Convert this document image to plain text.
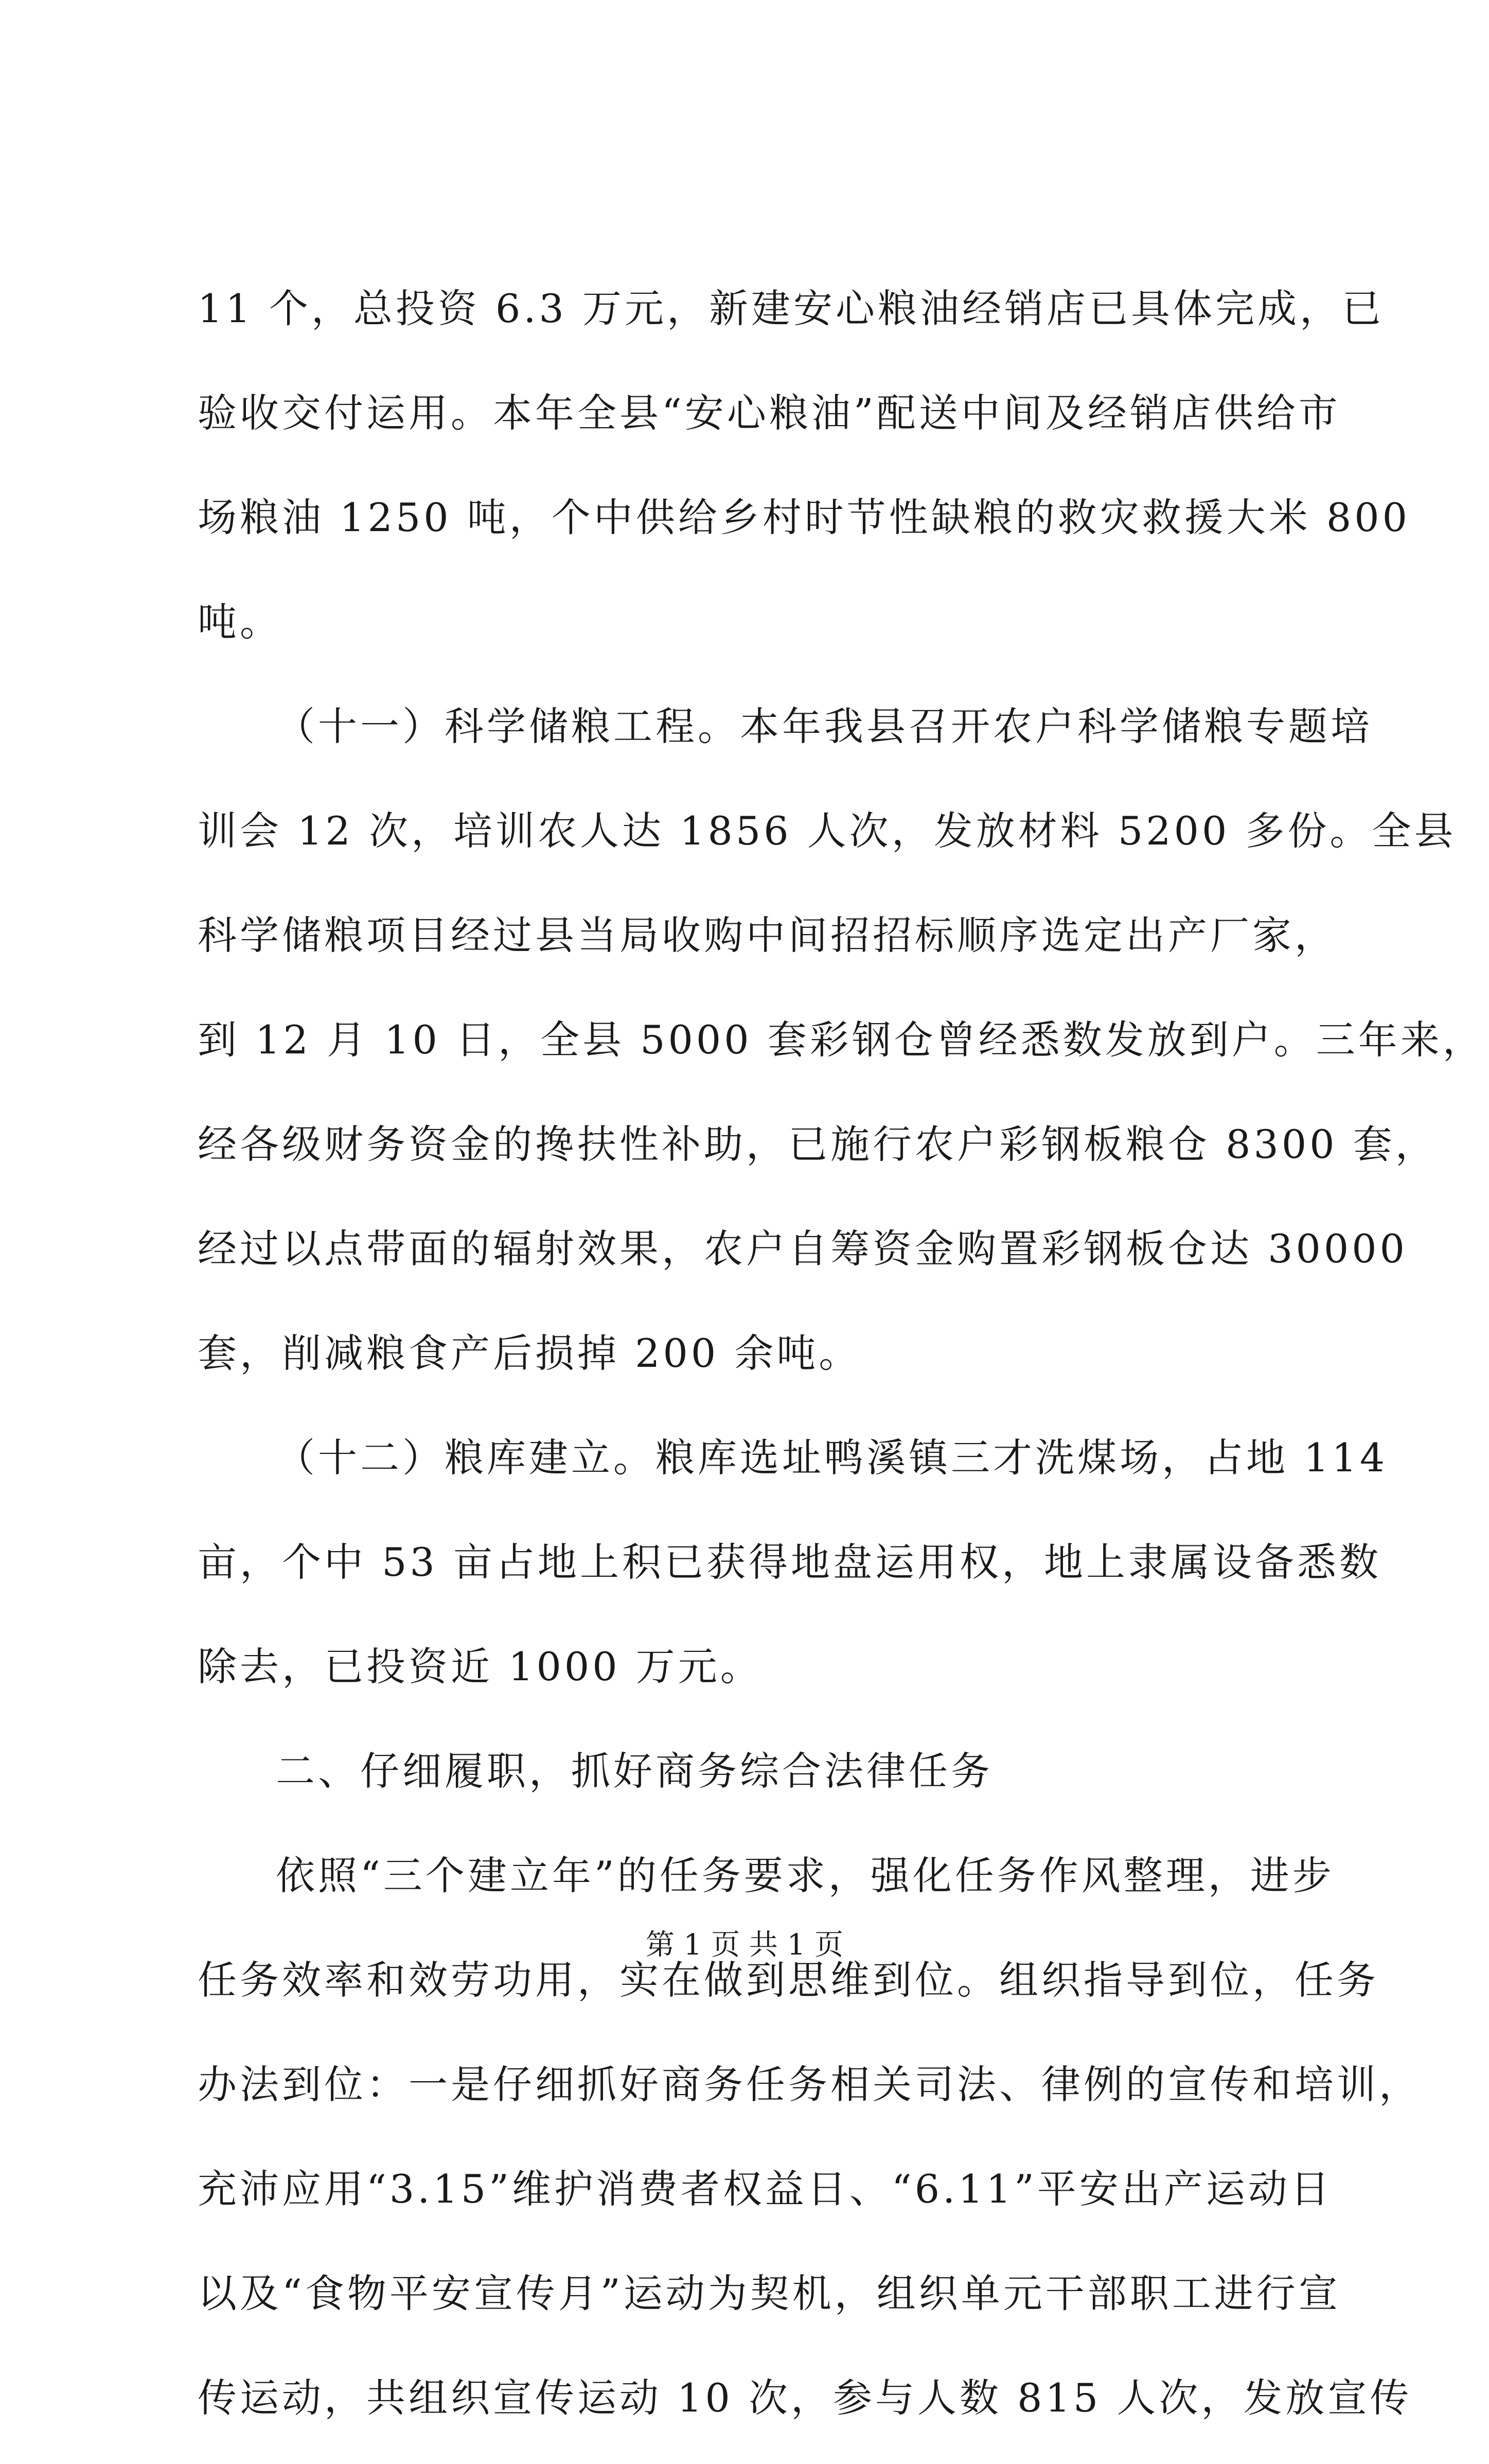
11 个，总投资 6.3 万元，新建安心粮油经销店已具体完成，已
验收交付运用。本年全县“安心粮油”配送中间及经销店供给市
场粮油 1250 吨，个中供给乡村时节性缺粮的救灾救援大米 800
吨。
（十一）科学储粮工程。本年我县召开农户科学储粮专题培
训会 12 次，培训农人达 1856 人次，发放材料 5200 多份。全县
科学储粮项目经过县当局收购中间招招标顺序选定出产厂家，
到 12 月 10 日，全县 5000 套彩钢仓曾经悉数发放到户。三年来，
经各级财务资金的搀扶性补助，已施行农户彩钢板粮仓 8300 套，
经过以点带面的辐射效果，农户自筹资金购置彩钢板仓达 30000
套，削减粮食产后损掉 200 余吨。
（十二）粮库建立。粮库选址鸭溪镇三才洗煤场，占地 114
亩，个中 53 亩占地上积已获得地盘运用权，地上隶属设备悉数
除去，已投资近 1000 万元。
二、仔细履职，抓好商务综合法律任务
依照“三个建立年”的任务要求，强化任务作风整理，进步
任务效率和效劳功用，实在做到思维到位。组织指导到位，任务
办法到位：一是仔细抓好商务任务相关司法、律例的宣传和培训，
充沛应用“3.15”维护消费者权益日、“6.11”平安出产运动日
以及“食物平安宣传月”运动为契机，组织单元干部职工进行宣
传运动，共组织宣传运动 10 次，参与人数 815 人次，发放宣传
第 1 页 共 1 页
